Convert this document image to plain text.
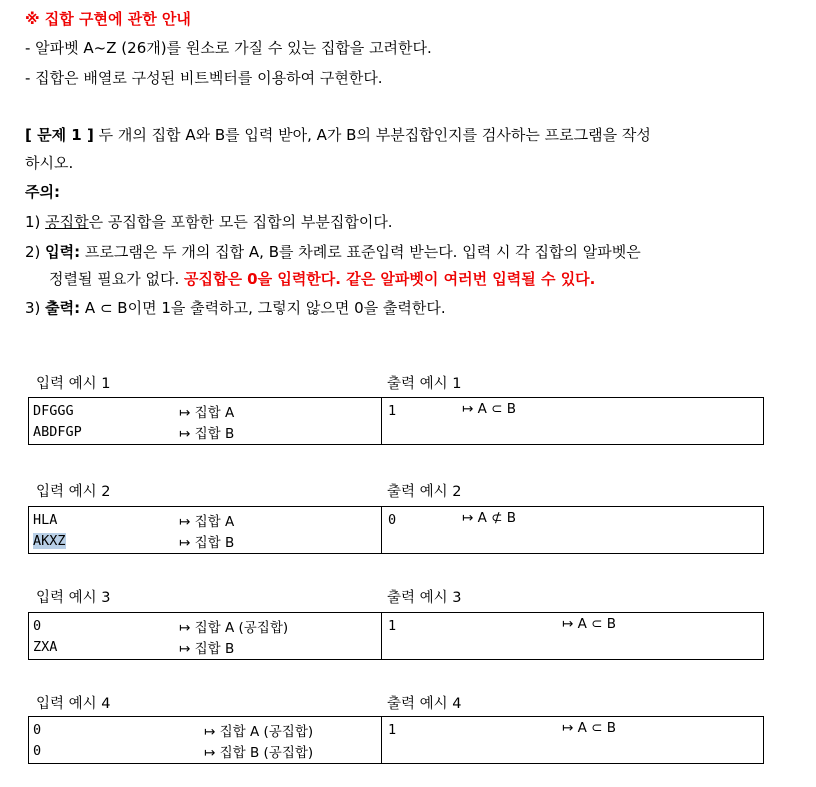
※ 집합 구현에 관한 안내
- 알파벳 A~Z (26개)를 원소로 가질 수 있는 집합을 고려한다.
- 집합은 배열로 구성된 비트벡터를 이용하여 구현한다.
[ 문제 1 ] 두 개의 집합 A와 B를 입력 받아, A가 B의 부분집합인지를 검사하는 프로그램을 작성
하시오.
주의:
1) 공집합은 공집합을 포함한 모든 집합의 부분집합이다.
2) 입력: 프로그램은 두 개의 집합 A, B를 차례로 표준입력 받는다. 입력 시 각 집합의 알파벳은
정렬될 필요가 없다. 공집합은 0을 입력한다. 같은 알파벳이 여러번 입력될 수 있다.
3) 출력: A ⊂ B이면 1을 출력하고, 그렇지 않으면 0을 출력한다.
입력 예시 1	출력 예시 1
DFGGG	↦ 집합 A
ABDFGP	↦ 집합 B
1	↦ A ⊂ B
입력 예시 2	출력 예시 2
HLA	↦ 집합 A
AKXZ	↦ 집합 B
0	↦ A ⊄ B
입력 예시 3	출력 예시 3
0	↦ 집합 A (공집합)
ZXA	↦ 집합 B
1	↦ A ⊂ B
입력 예시 4	출력 예시 4
0	↦ 집합 A (공집합)
0	↦ 집합 B (공집합)
1	↦ A ⊂ B
